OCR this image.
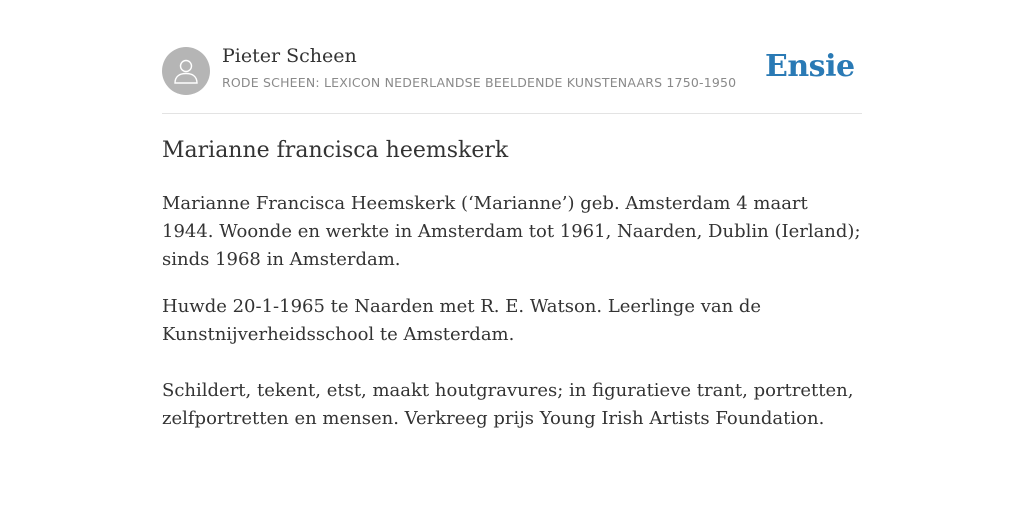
Pieter Scheen
RODE SCHEEN: LEXICON NEDERLANDSE BEELDENDE KUNSTENAARS 1750-1950 Ensie
Marianne francisca heemskerk

Marianne Francisca Heemskerk (‘Marianne’) geb. Amsterdam 4 maart 1944. Woonde en werkte in Amsterdam tot 1961, Naarden, Dublin (Ierland); sinds 1968 in Amsterdam.

Huwde 20-1-1965 te Naarden met R. E. Watson. Leerlinge van de Kunstnijverheidsschool te Amsterdam.

Schildert, tekent, etst, maakt houtgravures; in figuratieve trant, portretten, zelfportretten en mensen. Verkreeg prijs Young Irish Artists Foundation.
